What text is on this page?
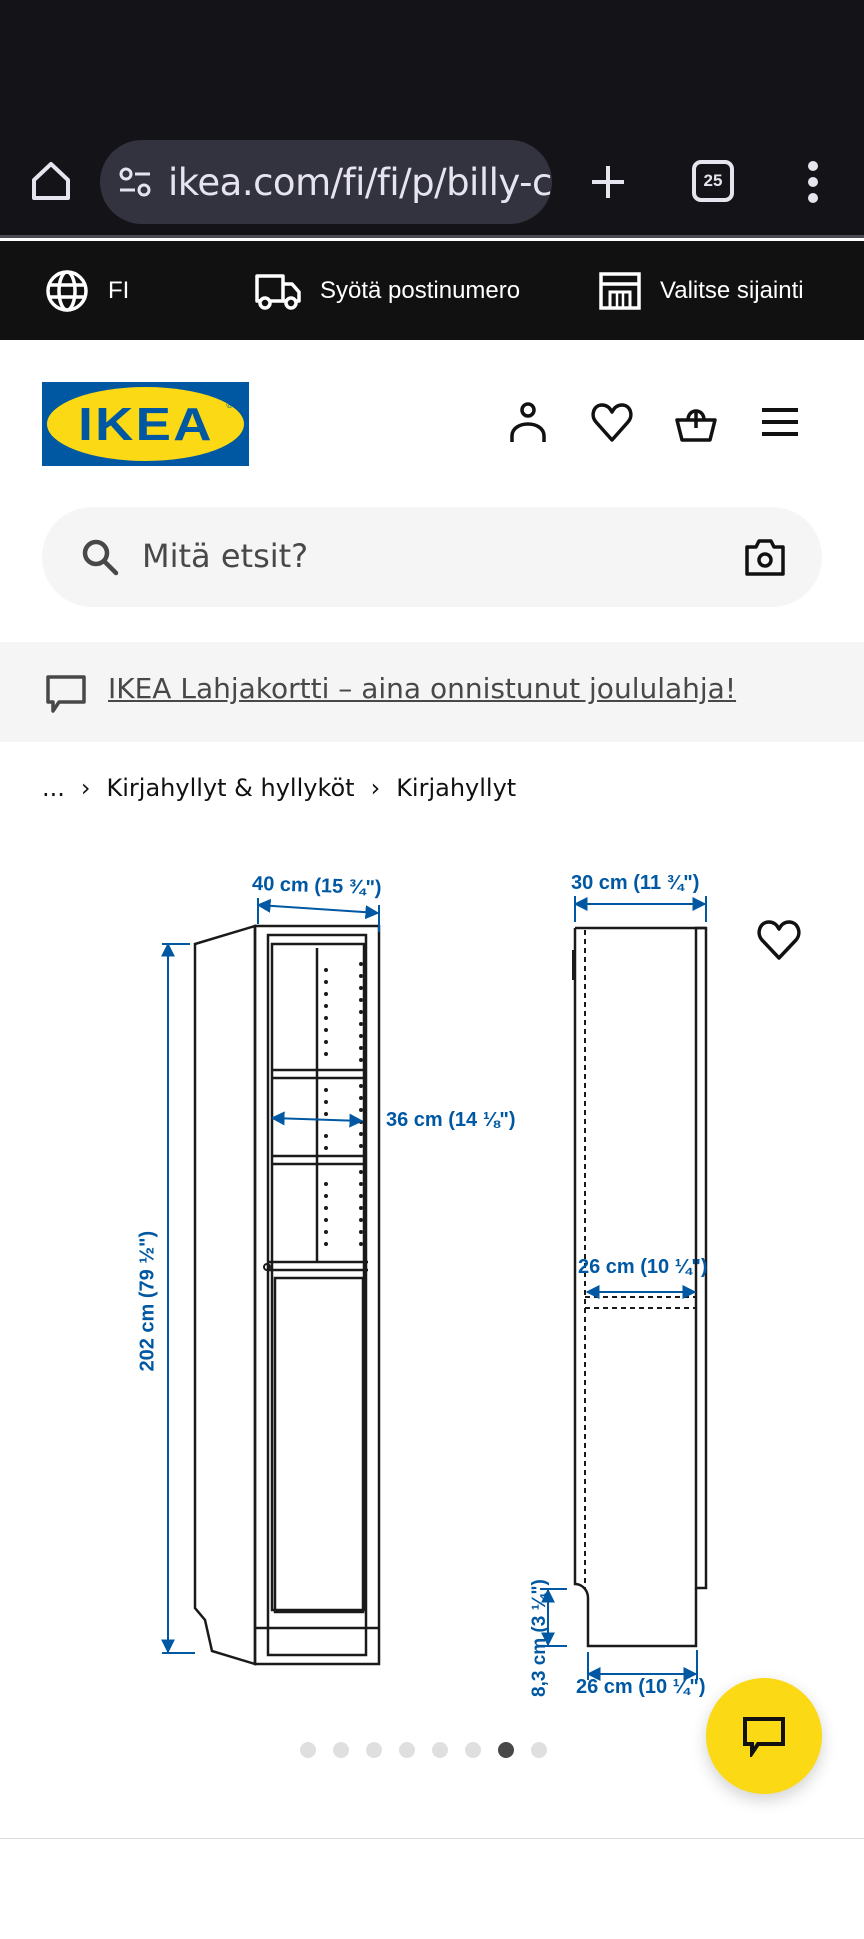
ikea.com/fi/fi/p/billy-c	25
FI	Syötä postinumero	Valitse sijainti
IKEA ®
Mitä etsit?
IKEA Lahjakortti – aina onnistunut joululahja!
... › Kirjahyllyt & hyllyköt › Kirjahyllyt
40 cm (15 ¾")
36 cm (14 ⅛")
202 cm (79 ½")
30 cm (11 ¾")
26 cm (10 ¼")
26 cm (10 ¼")
8,3 cm (3 ¼")
